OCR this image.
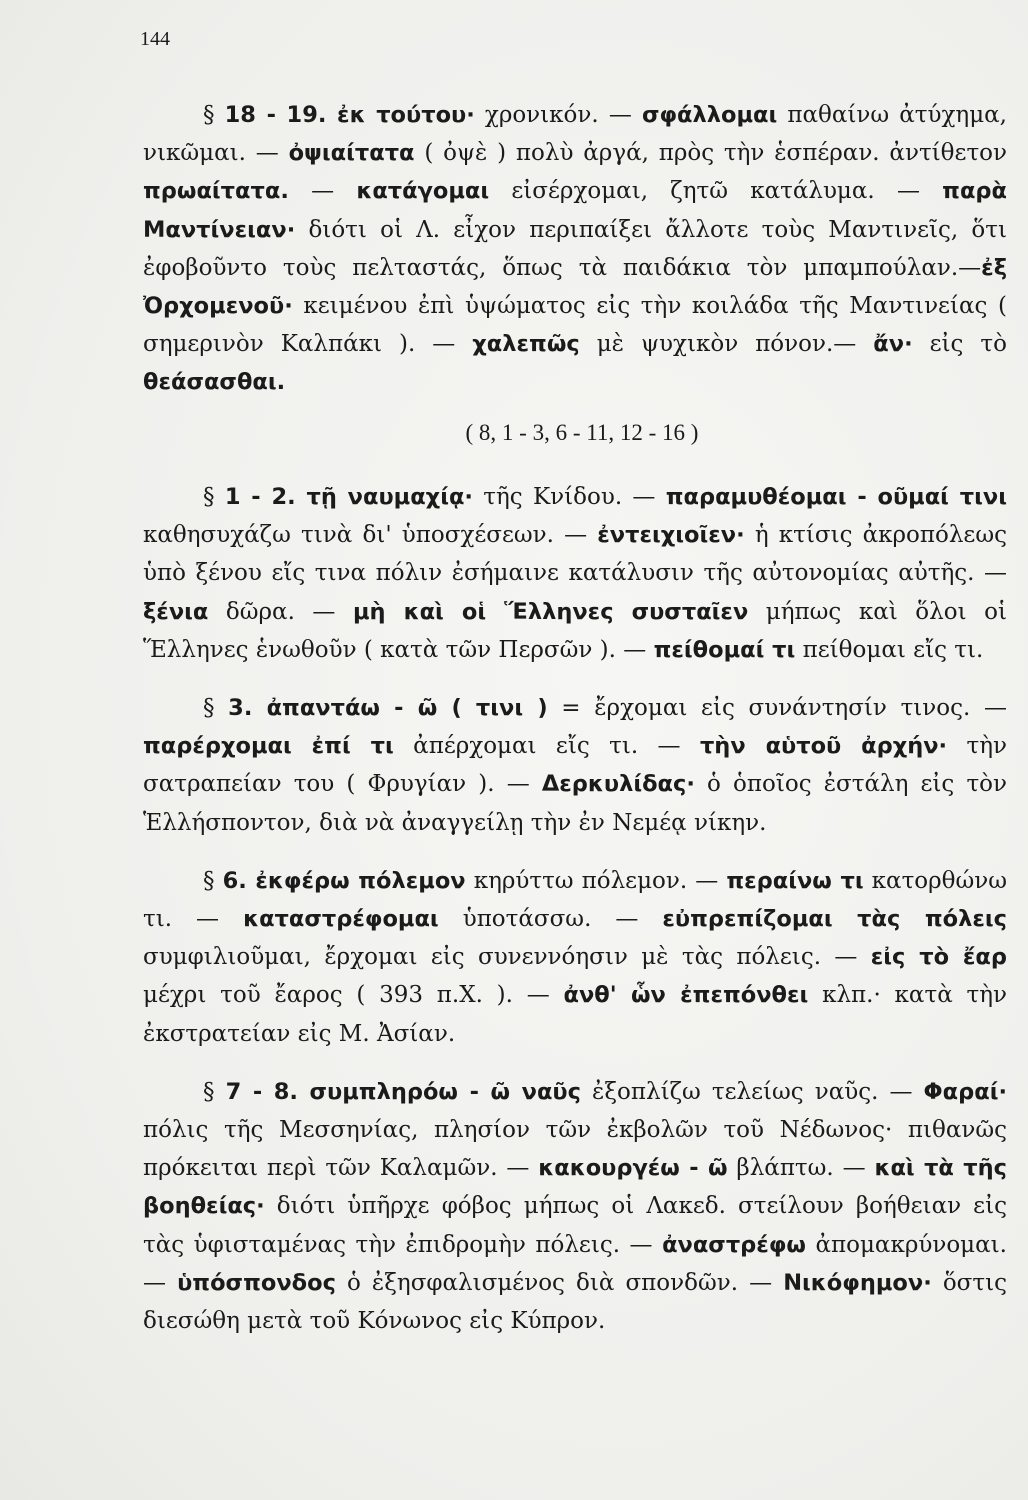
144

§ 18 - 19. ἐκ τούτου· χρονικόν. — σφάλλομαι παθαίνω ἀτύχημα, νικῶμαι. — ὀψιαίτατα ( ὀψὲ ) πολὺ ἀργά, πρὸς τὴν ἑσπέραν. ἀντίθετον πρωαίτατα. — κατάγομαι εἰσέρχομαι, ζητῶ κατάλυμα. — παρὰ Μαντίνειαν· διότι οἱ Λ. εἶχον περιπαίξει ἄλλοτε τοὺς Μαντινεῖς, ὅτι ἐφοβοῦντο τοὺς πελταστάς, ὅπως τὰ παιδάκια τὸν μπαμπούλαν.—ἐξ Ὀρχομενοῦ· κειμένου ἐπὶ ὑψώματος εἰς τὴν κοιλάδα τῆς Μαντινείας ( σημερινὸν Καλπάκι ). — χαλεπῶς μὲ ψυχικὸν πόνον.— ἄν· εἰς τὸ θεάσασθαι.

( 8, 1 - 3, 6 - 11, 12 - 16 )

§ 1 - 2. τῇ ναυμαχίᾳ· τῆς Κνίδου. — παραμυθέομαι - οῦμαί τινι καθησυχάζω τινὰ δι' ὑποσχέσεων. — ἐντειχιοῖεν· ἡ κτίσις ἀκροπόλεως ὑπὸ ξένου εἴς τινα πόλιν ἐσήμαινε κατάλυσιν τῆς αὐτονομίας αὐτῆς. — ξένια δῶρα. — μὴ καὶ οἱ Ἕλληνες συσταῖεν μήπως καὶ ὅλοι οἱ Ἕλληνες ἑνωθοῦν ( κατὰ τῶν Περσῶν ). — πείθομαί τι πείθομαι εἴς τι.

§ 3. ἀπαντάω - ῶ ( τινι ) = ἔρχομαι εἰς συνάντησίν τινος. — παρέρχομαι ἐπί τι ἀπέρχομαι εἴς τι. — τὴν αὑτοῦ ἀρχήν· τὴν σατραπείαν του ( Φρυγίαν ). — Δερκυλίδας· ὁ ὁποῖος ἐστάλη εἰς τὸν Ἑλλήσποντον, διὰ νὰ ἀναγγείλῃ τὴν ἐν Νεμέᾳ νίκην.

§ 6. ἐκφέρω πόλεμον κηρύττω πόλεμον. — περαίνω τι κατορθώνω τι. — καταστρέφομαι ὑποτάσσω. — εὐπρεπίζομαι τὰς πόλεις συμφιλιοῦμαι, ἔρχομαι εἰς συνεννόησιν μὲ τὰς πόλεις. — εἰς τὸ ἔαρ μέχρι τοῦ ἔαρος ( 393 π.Χ. ). — ἀνθ' ὧν ἐπεπόνθει κλπ.· κατὰ τὴν ἐκστρατείαν εἰς Μ. Ἀσίαν.

§ 7 - 8. συμπληρόω - ῶ ναῦς ἐξοπλίζω τελείως ναῦς. — Φαραί· πόλις τῆς Μεσσηνίας, πλησίον τῶν ἐκβολῶν τοῦ Νέδωνος· πιθανῶς πρόκειται περὶ τῶν Καλαμῶν. — κακουργέω - ῶ βλάπτω. — καὶ τὰ τῆς βοηθείας· διότι ὑπῆρχε φόβος μήπως οἱ Λακεδ. στείλουν βοήθειαν εἰς τὰς ὑφισταμένας τὴν ἐπιδρομὴν πόλεις. — ἀναστρέφω ἀπομακρύνομαι. — ὑπόσπονδος ὁ ἐξησφαλισμένος διὰ σπονδῶν. — Νικόφημον· ὅστις διεσώθη μετὰ τοῦ Κόνωνος εἰς Κύπρον.
